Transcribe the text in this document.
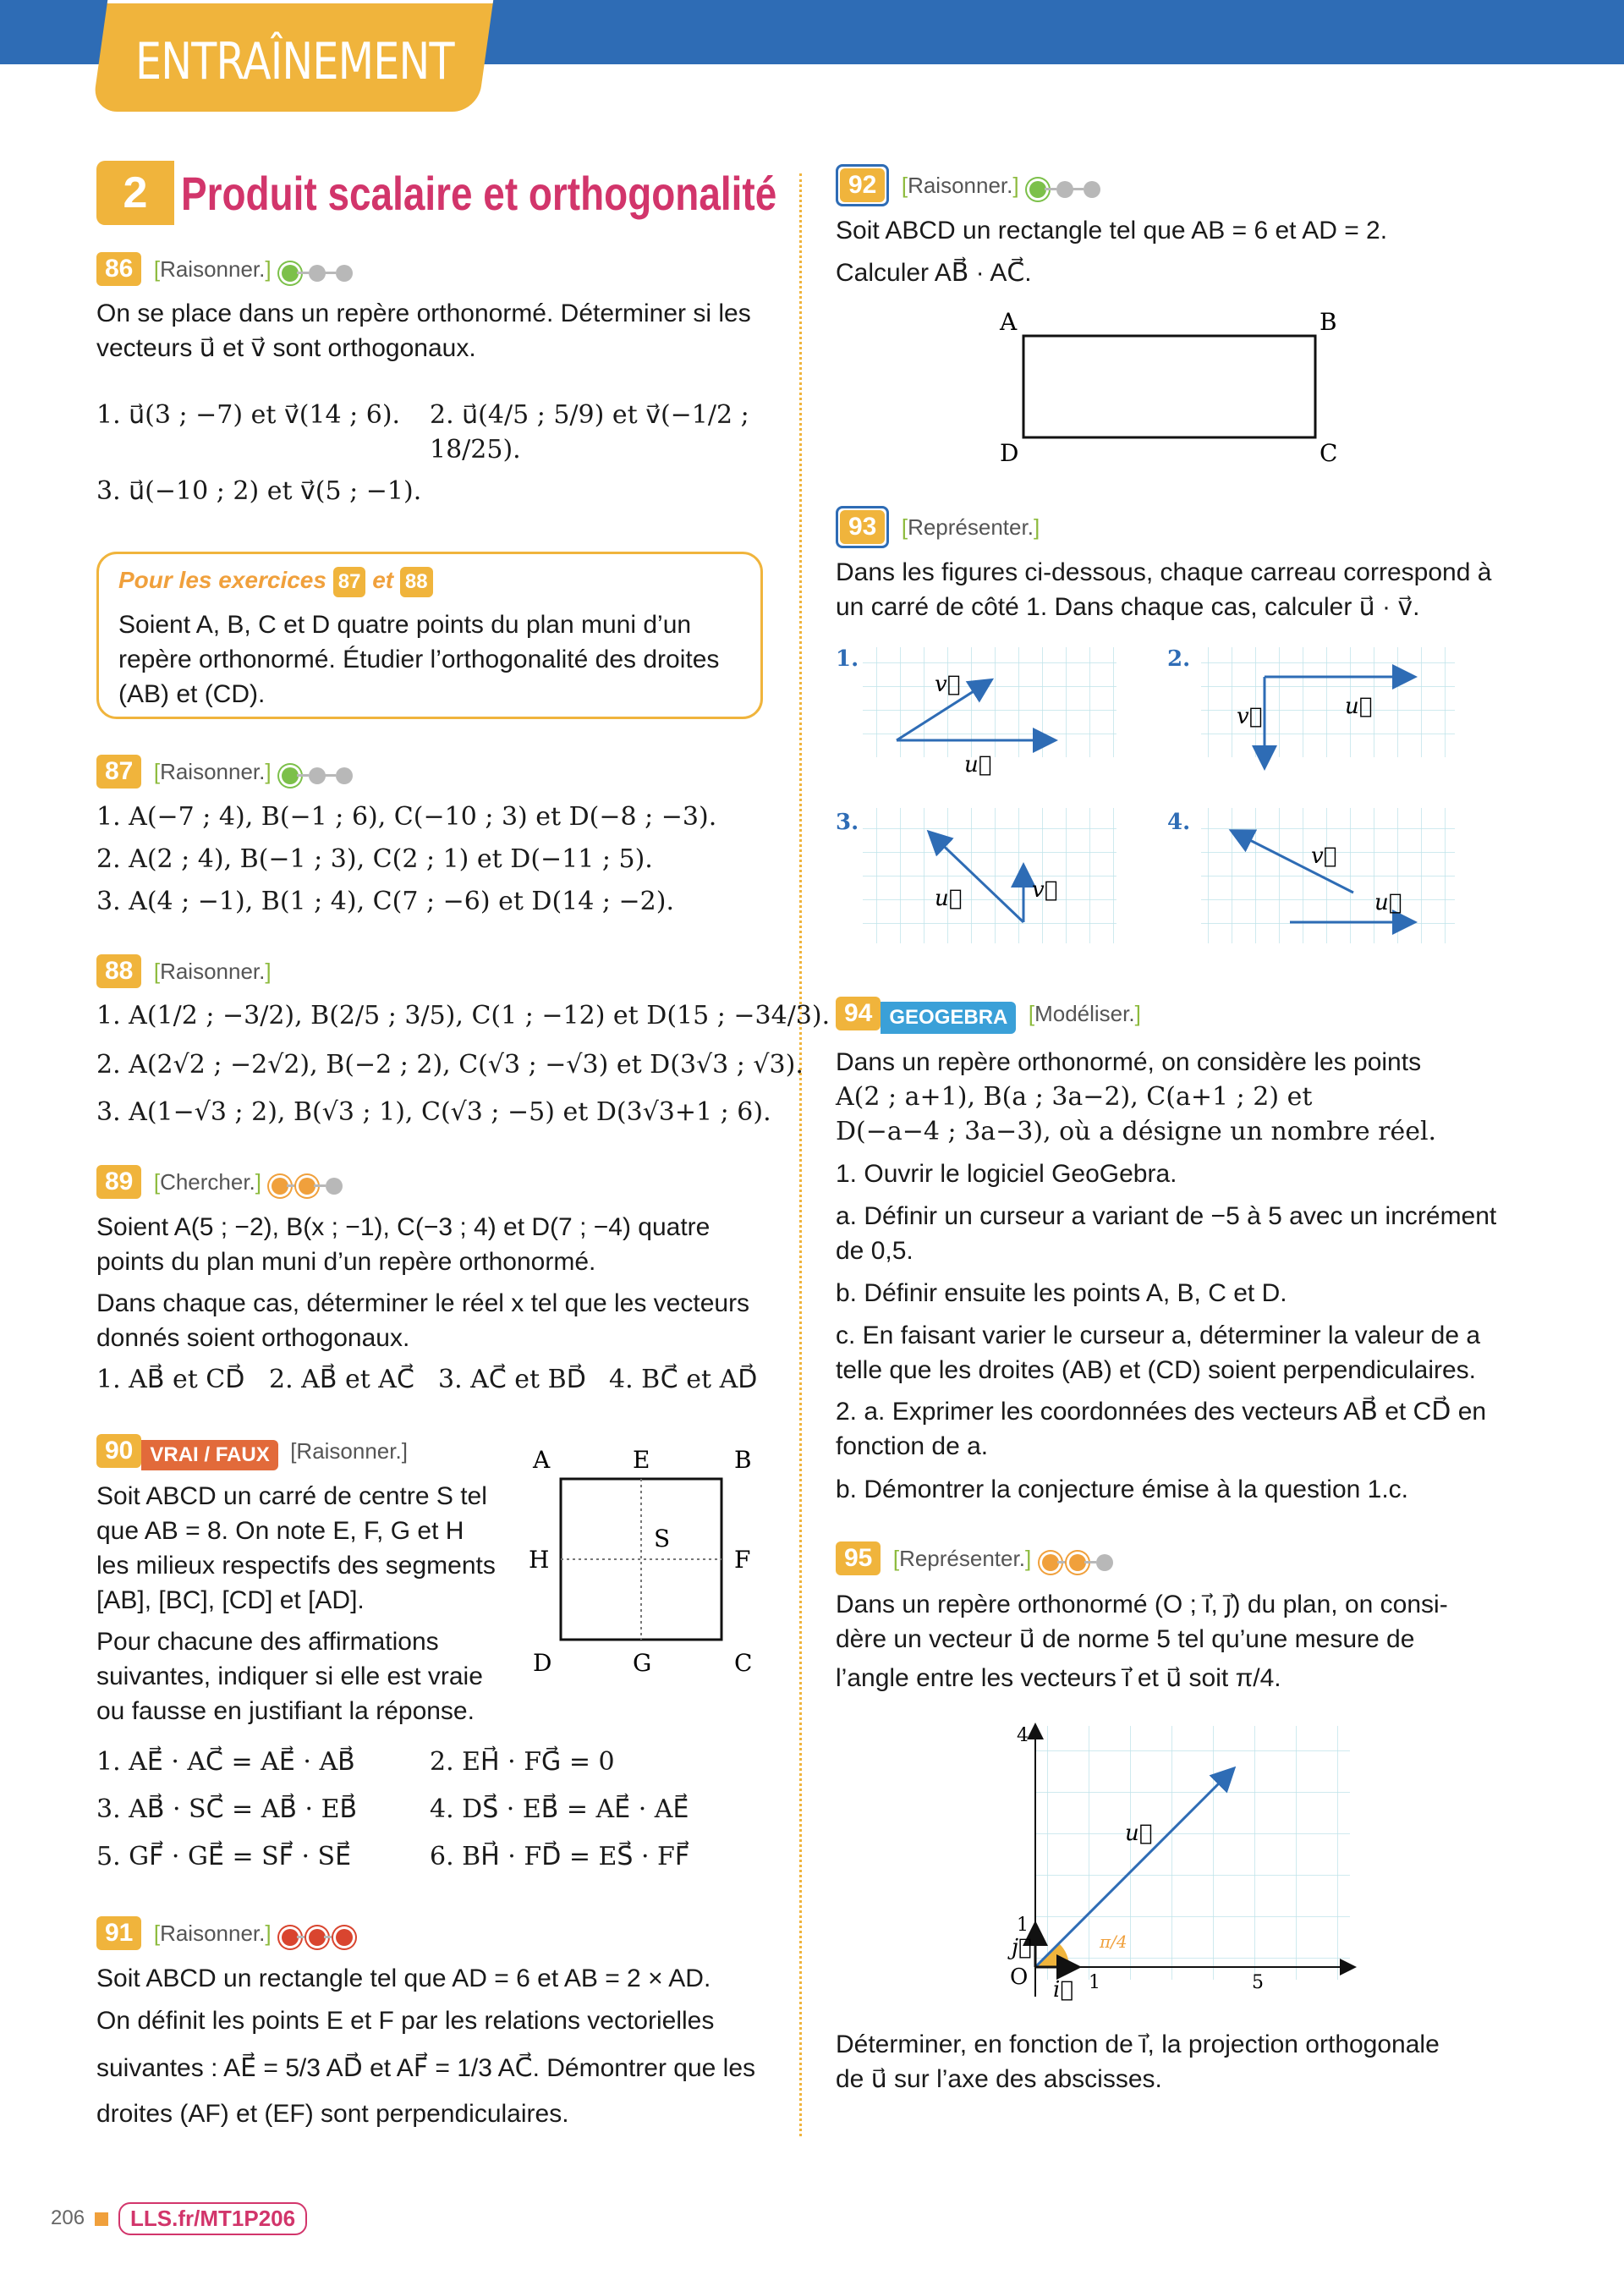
ENTRAÎNEMENT
2 Produit scalaire et orthogonalité
86 [Raisonner.]
On se place dans un repère orthonormé. Déterminer si les vecteurs u⃗ et v⃗ sont orthogonaux.
1. u⃗(3 ; −7) et v⃗(14 ; 6). 2. u⃗(4/5 ; 5/9) et v⃗(−1/2 ; 18/25).
3. u⃗(−10 ; 2) et v⃗(5 ; −1).
Pour les exercices 87 et 88
Soient A, B, C et D quatre points du plan muni d’un repère orthonormé. Étudier l’orthogonalité des droites (AB) et (CD).
87 [Raisonner.]
1. A(−7 ; 4), B(−1 ; 6), C(−10 ; 3) et D(−8 ; −3).
2. A(2 ; 4), B(−1 ; 3), C(2 ; 1) et D(−11 ; 5).
3. A(4 ; −1), B(1 ; 4), C(7 ; −6) et D(14 ; −2).
88 [Raisonner.]
1. A(1/2 ; −3/2), B(2/5 ; 3/5), C(1 ; −12) et D(15 ; −34/3).
2. A(2√2 ; −2√2), B(−2 ; 2), C(√3 ; −√3) et D(3√3 ; √3).
3. A(1−√3 ; 2), B(√3 ; 1), C(√3 ; −5) et D(3√3+1 ; 6).
89 [Chercher.]
Soient A(5 ; −2), B(x ; −1), C(−3 ; 4) et D(7 ; −4) quatre points du plan muni d’un repère orthonormé.
Dans chaque cas, déterminer le réel x tel que les vecteurs donnés soient orthogonaux.
1. AB⃗ et CD⃗ 2. AB⃗ et AC⃗ 3. AC⃗ et BD⃗ 4. BC⃗ et AD⃗
90 VRAI / FAUX [Raisonner.]
Soit ABCD un carré de centre S tel que AB = 8. On note E, F, G et H les milieux respectifs des segments [AB], [BC], [CD] et [AD].
Pour chacune des affirmations suivantes, indiquer si elle est vraie ou fausse en justifiant la réponse.
A	E	B
H
S
F
D	G	C
1. AE⃗ · AC⃗ = AE⃗ · AB⃗	2. EH⃗ · FG⃗ = 0
3. AB⃗ · SC⃗ = AB⃗ · EB⃗	4. DS⃗ · EB⃗ = AE⃗ · AE⃗
5. GF⃗ · GE⃗ = SF⃗ · SE⃗	6. BH⃗ · FD⃗ = ES⃗ · FF⃗
91 [Raisonner.]
Soit ABCD un rectangle tel que AD = 6 et AB = 2 × AD.
On définit les points E et F par les relations vectorielles
suivantes : AE⃗ = 5/3 AD⃗ et AF⃗ = 1/3 AC⃗. Démontrer que les
droites (AF) et (EF) sont perpendiculaires.
92 [Raisonner.]
Soit ABCD un rectangle tel que AB = 6 et AD = 2.
Calculer AB⃗ · AC⃗.
A	B
D	C
93 [Représenter.]
Dans les figures ci-dessous, chaque carreau correspond à un carré de côté 1. Dans chaque cas, calculer u⃗ · v⃗.
1.
v⃗
u⃗
2.
v⃗	u⃗
3.
u⃗	v⃗
4.
v⃗
u⃗
94 GEOGEBRA [Modéliser.]
Dans un repère orthonormé, on considère les points
A(2 ; a+1), B(a ; 3a−2), C(a+1 ; 2) et
D(−a−4 ; 3a−3), où a désigne un nombre réel.
1. Ouvrir le logiciel GeoGebra.
a. Définir un curseur a variant de −5 à 5 avec un incrément de 0,5.
b. Définir ensuite les points A, B, C et D.
c. En faisant varier le curseur a, déterminer la valeur de a telle que les droites (AB) et (CD) soient perpendiculaires.
2. a. Exprimer les coordonnées des vecteurs AB⃗ et CD⃗ en fonction de a.
b. Démontrer la conjecture émise à la question 1.c.
95 [Représenter.]
Dans un repère orthonormé (O ; i⃗, j⃗) du plan, on consi-
dère un vecteur u⃗ de norme 5 tel qu’une mesure de
l’angle entre les vecteurs i⃗ et u⃗ soit π/4.
4
1
1	5
O i⃗
j⃗
u⃗
π/4
Déterminer, en fonction de i⃗, la projection orthogonale
de u⃗ sur l’axe des abscisses.
206 LLS.fr/MT1P206
